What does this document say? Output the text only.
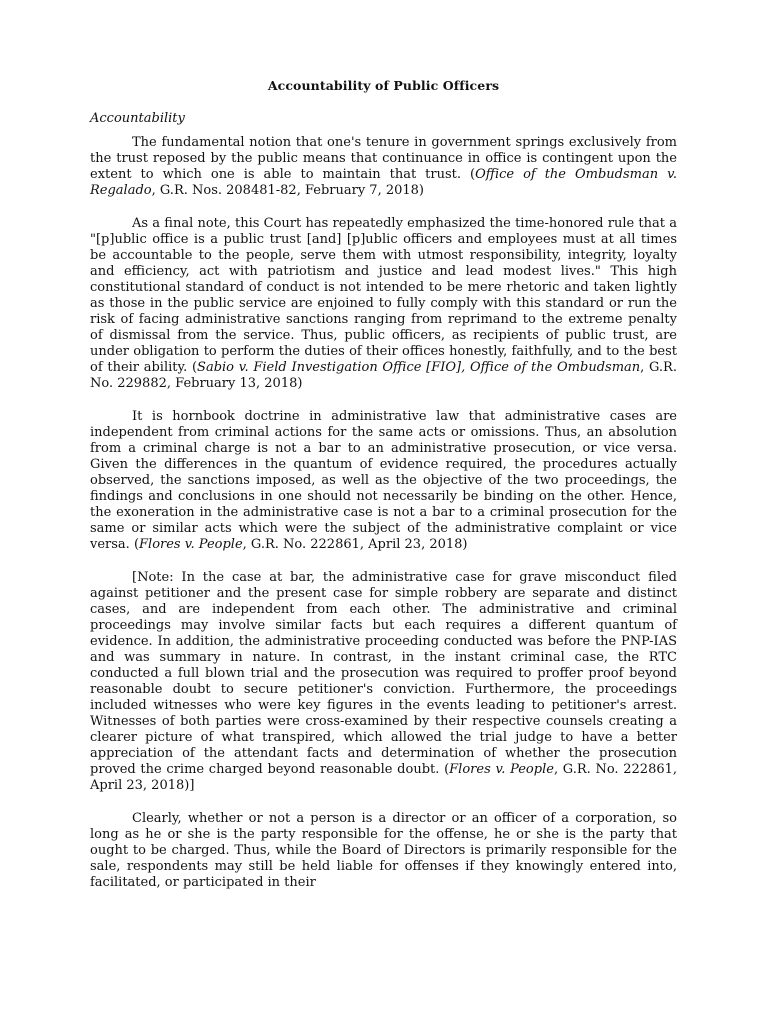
Accountability of Public Officers
Accountability

The fundamental notion that one's tenure in government springs exclusively from the trust reposed by the public means that continuance in office is contingent upon the extent to which one is able to maintain that trust. (Office of the Ombudsman v. Regalado, G.R. Nos. 208481-82, February 7, 2018)

As a final note, this Court has repeatedly emphasized the time-honored rule that a "[p]ublic office is a public trust [and] [p]ublic officers and employees must at all times be accountable to the people, serve them with utmost responsibility, integrity, loyalty and efficiency, act with patriotism and justice and lead modest lives." This high constitutional standard of conduct is not intended to be mere rhetoric and taken lightly as those in the public service are enjoined to fully comply with this standard or run the risk of facing administrative sanctions ranging from reprimand to the extreme penalty of dismissal from the service. Thus, public officers, as recipients of public trust, are under obligation to perform the duties of their offices honestly, faithfully, and to the best of their ability. (Sabio v. Field Investigation Office [FIO], Office of the Ombudsman, G.R. No. 229882, February 13, 2018)

It is hornbook doctrine in administrative law that administrative cases are independent from criminal actions for the same acts or omissions. Thus, an absolution from a criminal charge is not a bar to an administrative prosecution, or vice versa. Given the differences in the quantum of evidence required, the procedures actually observed, the sanctions imposed, as well as the objective of the two proceedings, the findings and conclusions in one should not necessarily be binding on the other. Hence, the exoneration in the administrative case is not a bar to a criminal prosecution for the same or similar acts which were the subject of the administrative complaint or vice versa. (Flores v. People, G.R. No. 222861, April 23, 2018)

[Note: In the case at bar, the administrative case for grave misconduct filed against petitioner and the present case for simple robbery are separate and distinct cases, and are independent from each other. The administrative and criminal proceedings may involve similar facts but each requires a different quantum of evidence. In addition, the administrative proceeding conducted was before the PNP-IAS and was summary in nature. In contrast, in the instant criminal case, the RTC conducted a full blown trial and the prosecution was required to proffer proof beyond reasonable doubt to secure petitioner's conviction. Furthermore, the proceedings included witnesses who were key figures in the events leading to petitioner's arrest. Witnesses of both parties were cross-examined by their respective counsels creating a clearer picture of what transpired, which allowed the trial judge to have a better appreciation of the attendant facts and determination of whether the prosecution proved the crime charged beyond reasonable doubt. (Flores v. People, G.R. No. 222861, April 23, 2018)]

Clearly, whether or not a person is a director or an officer of a corporation, so long as he or she is the party responsible for the offense, he or she is the party that ought to be charged. Thus, while the Board of Directors is primarily responsible for the sale, respondents may still be held liable for offenses if they knowingly entered into, facilitated, or participated in their
